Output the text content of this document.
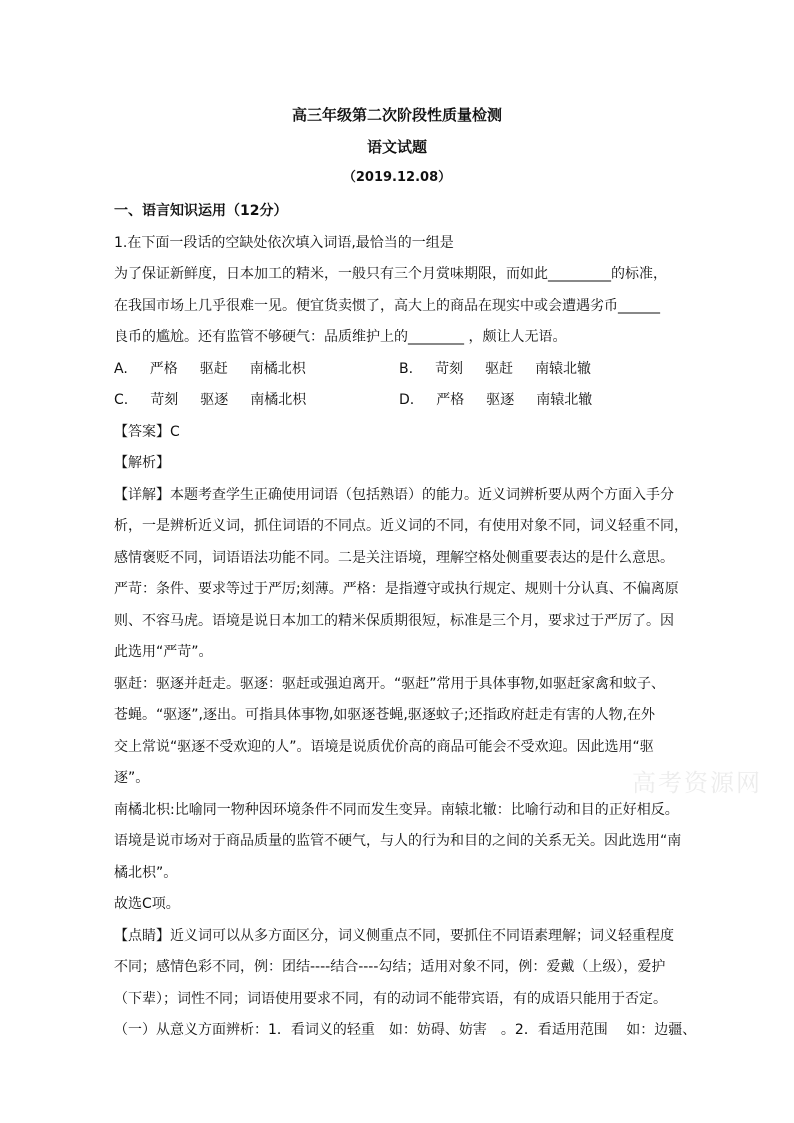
高三年级第二次阶段性质量检测
语文试题
（2019.12.08）
一、语言知识运用（12分）
1.在下面一段话的空缺处依次填入词语,最恰当的一组是
为了保证新鲜度，日本加工的精米，一般只有三个月赏味期限，而如此_________的标准，
在我国市场上几乎很难一见。便宜货卖惯了，高大上的商品在现实中或会遭遇劣币______
良币的尴尬。还有监管不够硬气：品质维护上的________ ，颇让人无语。
A. 严格 驱赶 南橘北枳	B. 苛刻 驱赶 南辕北辙
C. 苛刻 驱逐 南橘北枳	D. 严格 驱逐 南辕北辙
【答案】C
【解析】
【详解】本题考查学生正确使用词语（包括熟语）的能力。近义词辨析要从两个方面入手分
析，一是辨析近义词，抓住词语的不同点。近义词的不同，有使用对象不同，词义轻重不同，
感情褒贬不同，词语语法功能不同。二是关注语境，理解空格处侧重要表达的是什么意思。
严苛：条件、要求等过于严厉;刻薄。严格：是指遵守或执行规定、规则十分认真、不偏离原
则、不容马虎。语境是说日本加工的精米保质期很短，标准是三个月，要求过于严厉了。因
此选用“严苛”。
驱赶：驱逐并赶走。驱逐：驱赶或强迫离开。“驱赶”常用于具体事物,如驱赶家禽和蚊子、
苍蝇。“驱逐”,逐出。可指具体事物,如驱逐苍蝇,驱逐蚊子;还指政府赶走有害的人物,在外
交上常说“驱逐不受欢迎的人”。语境是说质优价高的商品可能会不受欢迎。因此选用“驱
逐”。
南橘北枳:比喻同一物种因环境条件不同而发生变异。南辕北辙：比喻行动和目的正好相反。
语境是说市场对于商品质量的监管不硬气，与人的行为和目的之间的关系无关。因此选用“南
橘北枳”。
故选C项。
【点睛】近义词可以从多方面区分，词义侧重点不同，要抓住不同语素理解；词义轻重程度
不同；感情色彩不同，例：团结----结合----勾结；适用对象不同，例：爱戴（上级），爱护
（下辈）；词性不同；词语使用要求不同，有的动词不能带宾语，有的成语只能用于否定。
（一）从意义方面辨析：1．看词义的轻重　如：妨碍、妨害　。2．看适用范围　 如：边疆、
高考资源网
